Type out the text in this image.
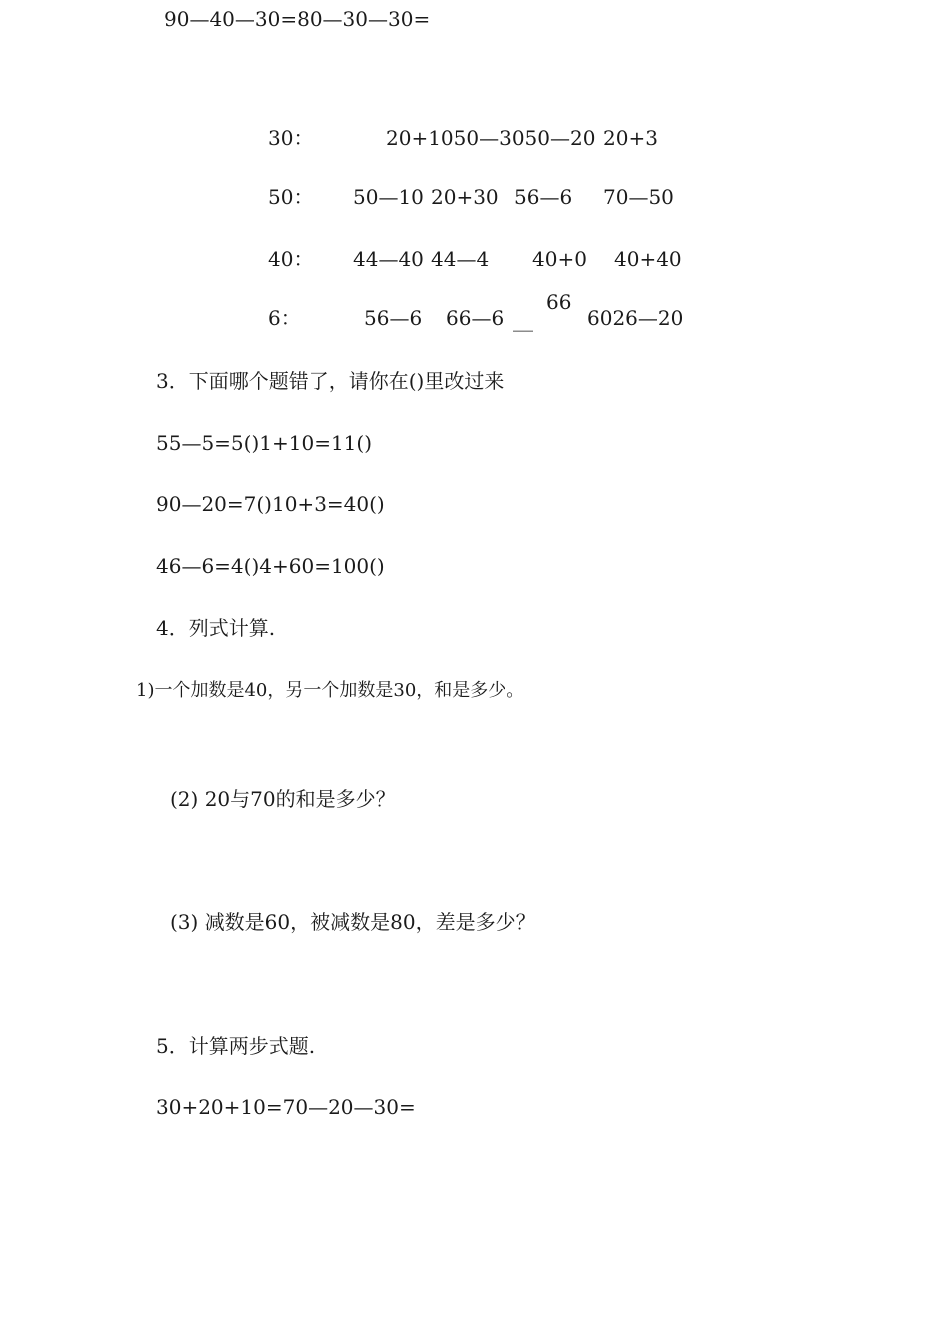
90—40—30=80—30—30=
30：	20+1050—3050—20 20+3
50： 50—10 20+30 56—6 70—50
40： 44—40 44—4 40+0 40+40
6：	56—6 66—6 __
66
6026—20
3．下面哪个题错了，请你在()里改过来
55—5=5()1+10=11()
90—20=7()10+3=40()
46—6=4()4+60=100()
4．列式计算.
1)一个加数是40，另一个加数是30，和是多少。
(2) 20与70的和是多少？
(3) 减数是60，被减数是80，差是多少？
5．计算两步式题.
30+20+10=70—20—30=
